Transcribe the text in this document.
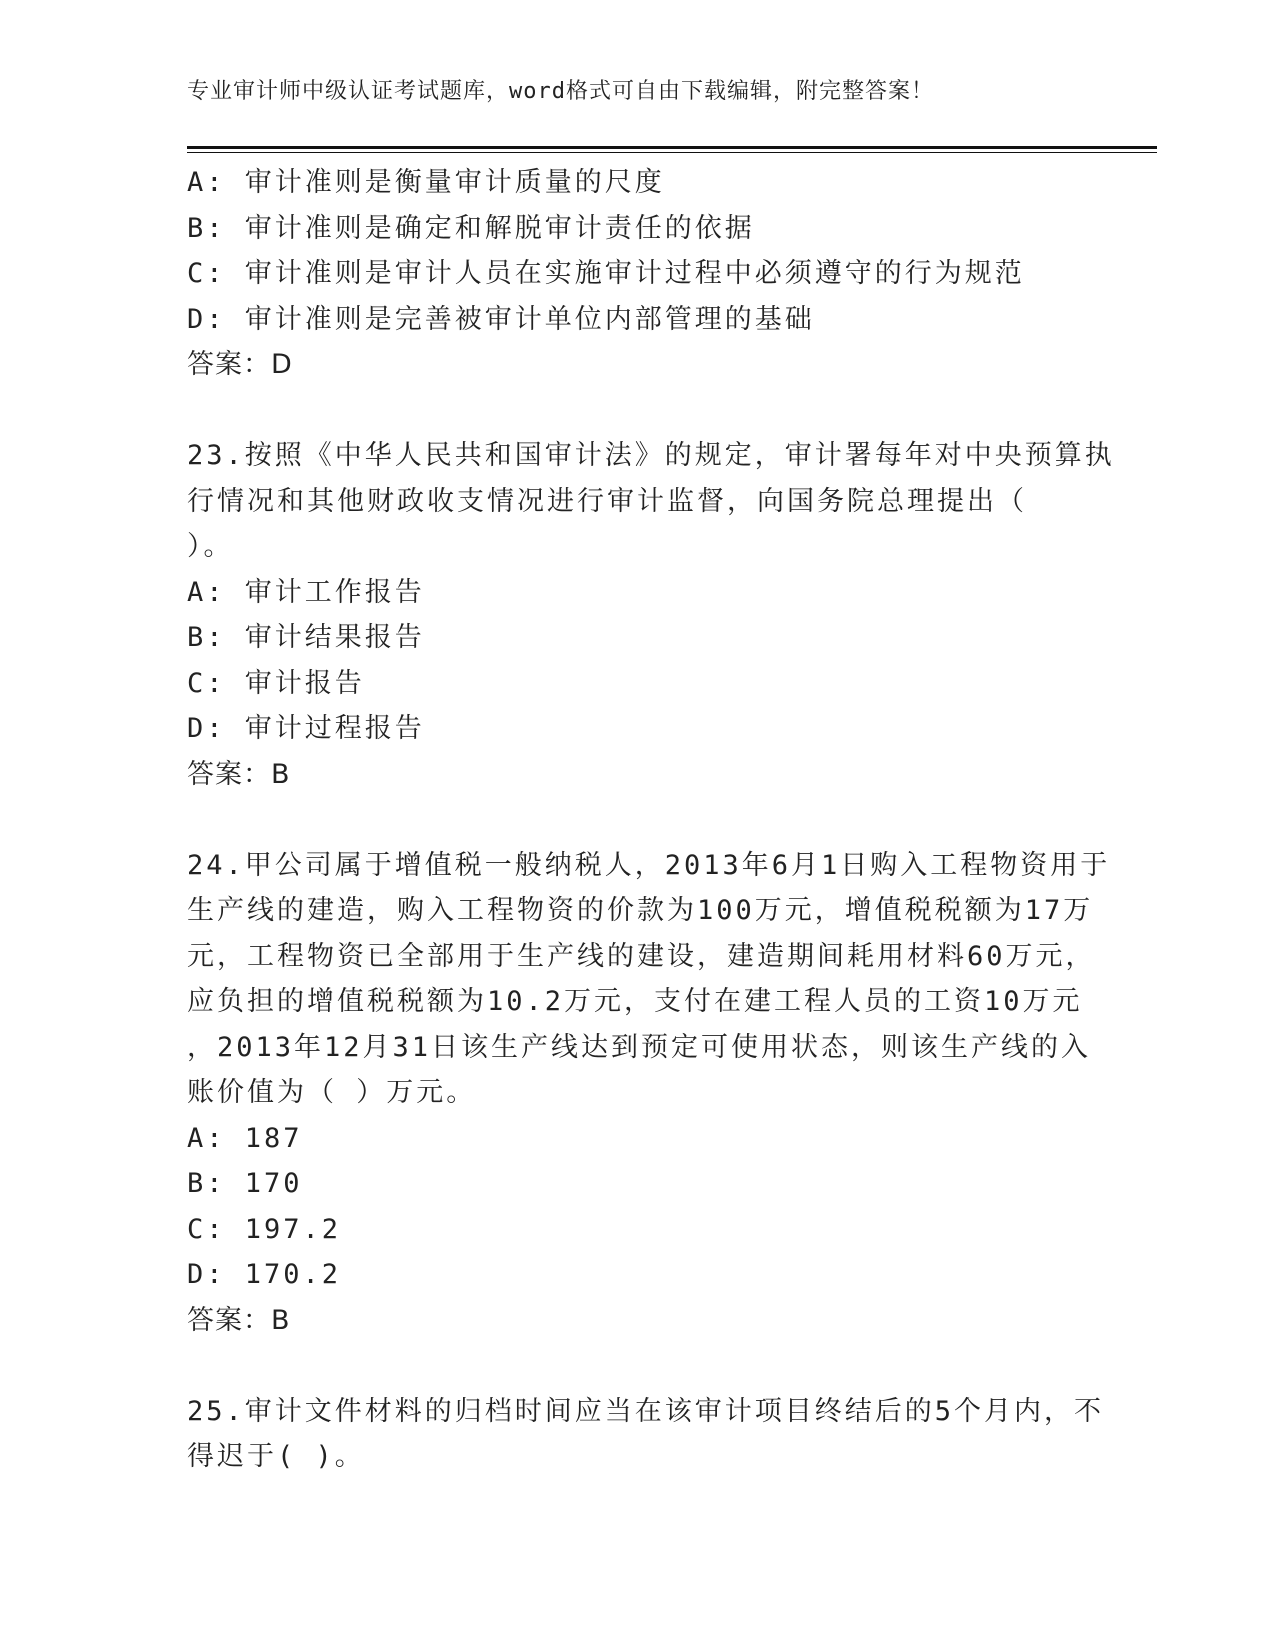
专业审计师中级认证考试题库，word格式可自由下载编辑，附完整答案！
A: 审计准则是衡量审计质量的尺度
B: 审计准则是确定和解脱审计责任的依据
C: 审计准则是审计人员在实施审计过程中必须遵守的行为规范
D: 审计准则是完善被审计单位内部管理的基础
答案：D
23.按照《中华人民共和国审计法》的规定，审计署每年对中央预算执
行情况和其他财政收支情况进行审计监督，向国务院总理提出（
）。
A: 审计工作报告
B: 审计结果报告
C: 审计报告
D: 审计过程报告
答案：B
24.甲公司属于增值税一般纳税人，2013年6月1日购入工程物资用于
生产线的建造，购入工程物资的价款为100万元，增值税税额为17万
元，工程物资已全部用于生产线的建设，建造期间耗用材料60万元，
应负担的增值税税额为10.2万元，支付在建工程人员的工资10万元
，2013年12月31日该生产线达到预定可使用状态，则该生产线的入
账价值为（ ）万元。
A: 187
B: 170
C: 197.2
D: 170.2
答案：B
25.审计文件材料的归档时间应当在该审计项目终结后的5个月内，不
得迟于( )。
